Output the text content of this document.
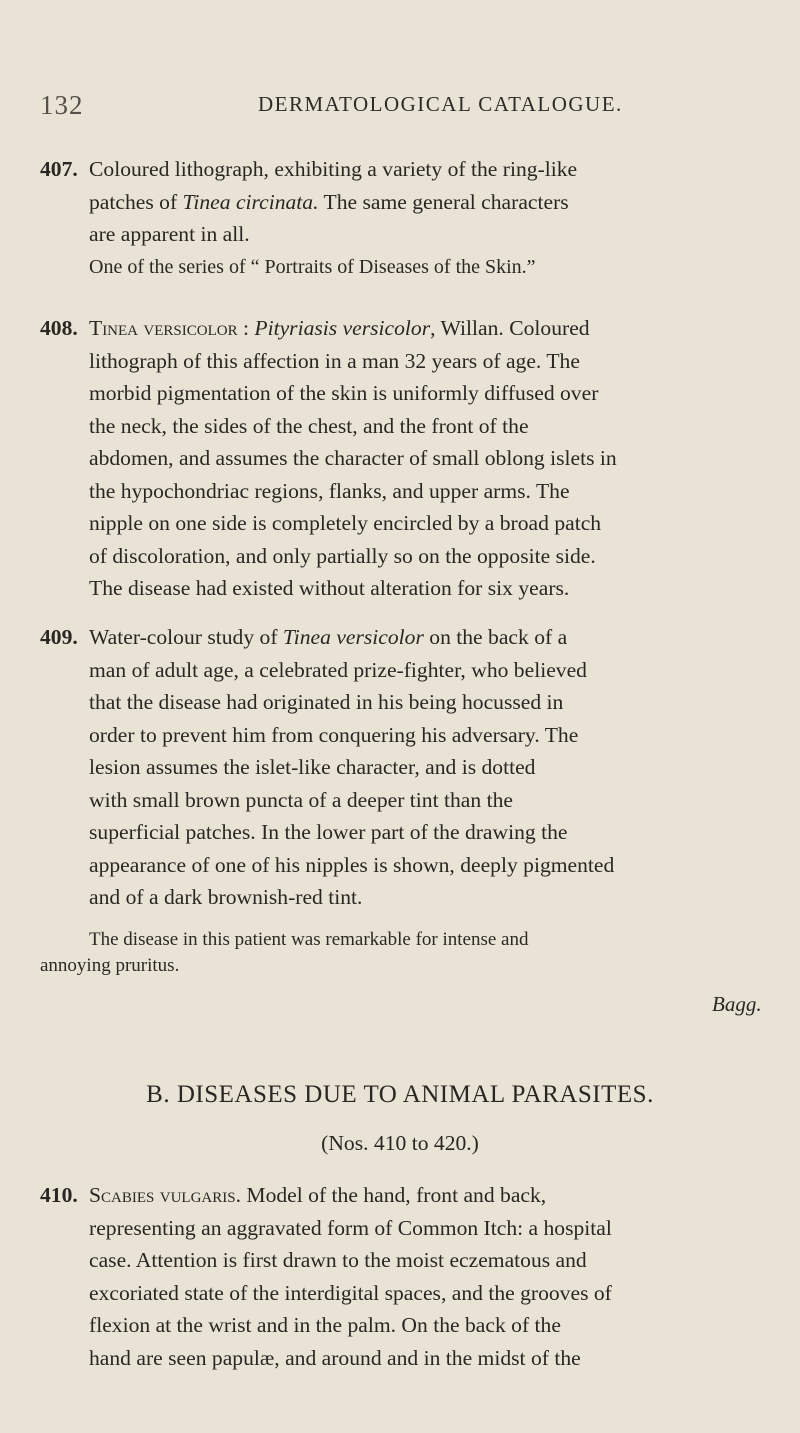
132	DERMATOLOGICAL CATALOGUE.
407. Coloured lithograph, exhibiting a variety of the ring-like
patches of Tinea circinata. The same general characters
are apparent in all.
One of the series of “ Portraits of Diseases of the Skin.”
408. Tinea versicolor : Pityriasis versicolor, Willan. Coloured
lithograph of this affection in a man 32 years of age. The
morbid pigmentation of the skin is uniformly diffused over
the neck, the sides of the chest, and the front of the
abdomen, and assumes the character of small oblong islets in
the hypochondriac regions, flanks, and upper arms. The
nipple on one side is completely encircled by a broad patch
of discoloration, and only partially so on the opposite side.
The disease had existed without alteration for six years.
409. Water-colour study of Tinea versicolor on the back of a
man of adult age, a celebrated prize-fighter, who believed
that the disease had originated in his being hocussed in
order to prevent him from conquering his adversary. The
lesion assumes the islet-like character, and is dotted
with small brown puncta of a deeper tint than the
superficial patches. In the lower part of the drawing the
appearance of one of his nipples is shown, deeply pigmented
and of a dark brownish-red tint.
The disease in this patient was remarkable for intense and
annoying pruritus.
Bagg.
B. DISEASES DUE TO ANIMAL PARASITES.
(Nos. 410 to 420.)
410. Scabies vulgaris. Model of the hand, front and back,
representing an aggravated form of Common Itch: a hospital
case. Attention is first drawn to the moist eczematous and
excoriated state of the interdigital spaces, and the grooves of
flexion at the wrist and in the palm. On the back of the
hand are seen papulæ, and around and in the midst of the
